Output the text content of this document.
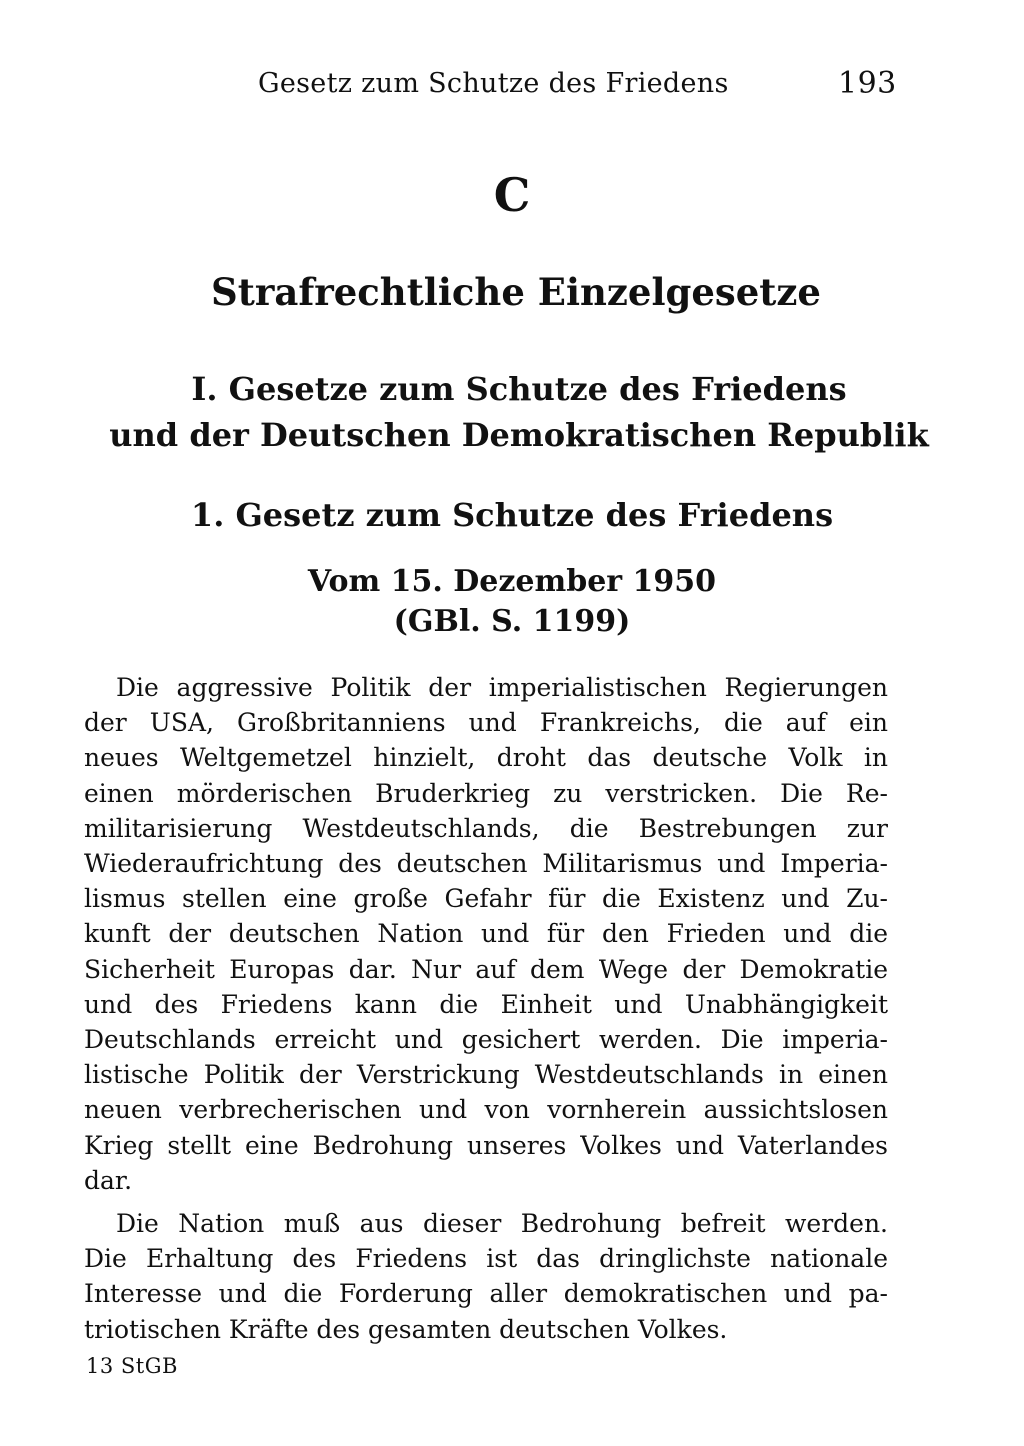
Gesetz zum Schutze des Friedens	193
C
Strafrechtliche Einzelgesetze
I. Gesetze zum Schutze des Friedens
und der Deutschen Demokratischen Republik
1. Gesetz zum Schutze des Friedens
Vom 15. Dezember 1950
(GBl. S. 1199)
Die aggressive Politik der imperialistischen Regierungen
der USA, Großbritanniens und Frankreichs, die auf ein
neues Weltgemetzel hinzielt, droht das deutsche Volk in
einen mörderischen Bruderkrieg zu verstricken. Die Re-
militarisierung Westdeutschlands, die Bestrebungen zur
Wiederaufrichtung des deutschen Militarismus und Imperia-
lismus stellen eine große Gefahr für die Existenz und Zu-
kunft der deutschen Nation und für den Frieden und die
Sicherheit Europas dar. Nur auf dem Wege der Demokratie
und des Friedens kann die Einheit und Unabhängigkeit
Deutschlands erreicht und gesichert werden. Die imperia-
listische Politik der Verstrickung Westdeutschlands in einen
neuen verbrecherischen und von vornherein aussichtslosen
Krieg stellt eine Bedrohung unseres Volkes und Vaterlandes
dar.
Die Nation muß aus dieser Bedrohung befreit werden.
Die Erhaltung des Friedens ist das dringlichste nationale
Interesse und die Forderung aller demokratischen und pa-
triotischen Kräfte des gesamten deutschen Volkes.
13 StGB
